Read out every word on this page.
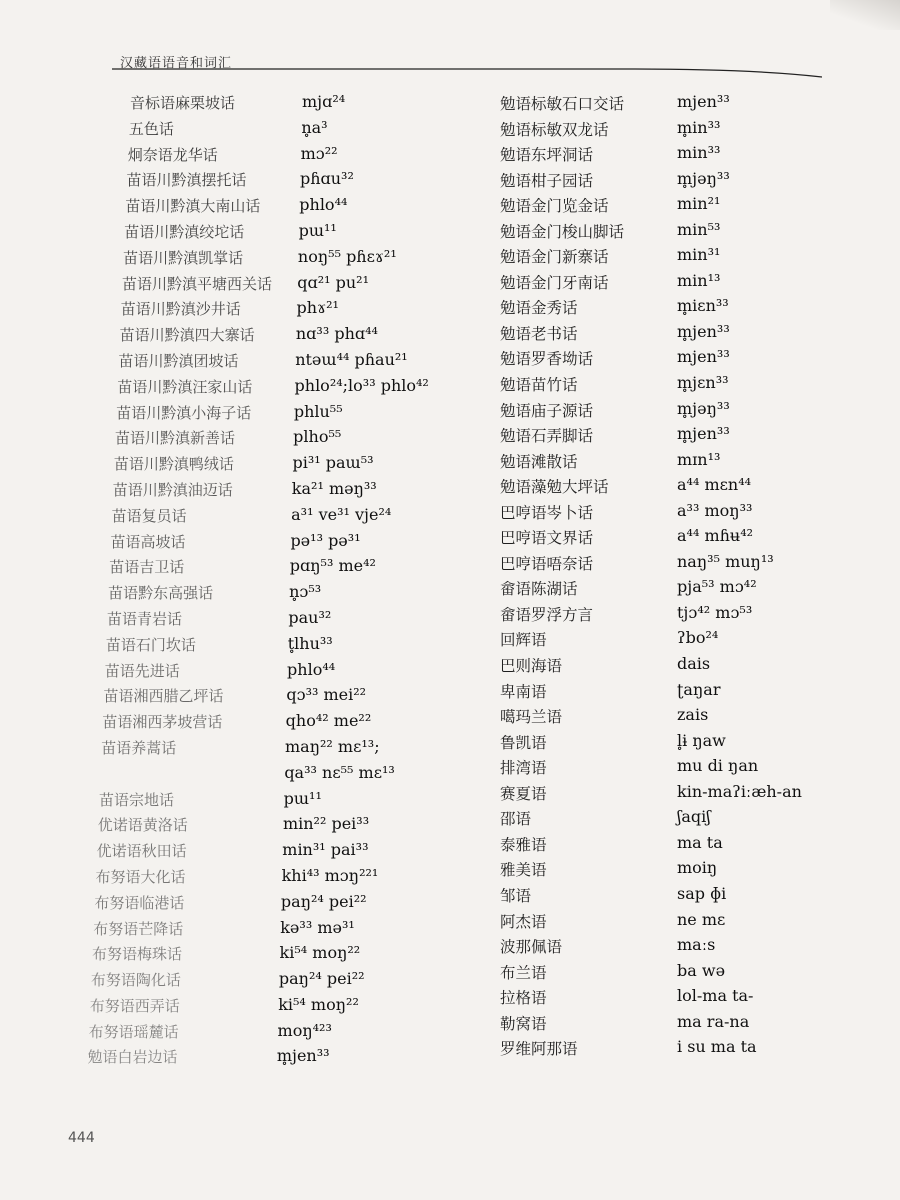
汉藏语语音和词汇
音标语麻栗坡话	mjɑ²⁴
五色话	n̥a³
炯奈语龙华话	mɔ²²
苗语川黔滇摆托话	pɦɑu³²
苗语川黔滇大南山话 phlo⁴⁴
苗语川黔滇绞坨话	pɯ¹¹
苗语川黔滇凯掌话	noŋ⁵⁵ pɦɛɤ²¹
苗语川黔滇平塘西关话 qɑ²¹ pu²¹
苗语川黔滇沙井话	phɤ²¹
苗语川黔滇四大寨话	nɑ³³ phɑ⁴⁴
苗语川黔滇团坡话	ntəɯ⁴⁴ pɦau²¹
苗语川黔滇汪家山话	phlo²⁴;lo³³ phlo⁴²
苗语川黔滇小海子话	phlu⁵⁵
苗语川黔滇新善话	plho⁵⁵
苗语川黔滇鸭绒话	pi³¹ paɯ⁵³
苗语川黔滇油迈话	ka²¹ məŋ³³
苗语复员话	a³¹ ve³¹ vje²⁴
苗语高坡话	pə¹³ pə³¹
苗语吉卫话	pɑŋ⁵³ me⁴²
苗语黔东高强话	n̥ɔ⁵³
苗语青岩话	pau³²
苗语石门坎话	t̥lhu³³
苗语先进话	phlo⁴⁴
苗语湘西腊乙坪话	qɔ³³ mei²²
苗语湘西茅坡营话	qho⁴² me²²
苗语养蒿话	maŋ²² mɛ¹³;
qa³³ nɛ⁵⁵ mɛ¹³
苗语宗地话	pɯ¹¹
优诺语黄洛话	min²² pei³³
优诺语秋田话	min³¹ pai³³
布努语大化话	khi⁴³ mɔŋ²²¹
布努语临港话	paŋ²⁴ pei²²
布努语芒降话	kə³³ mə³¹
布努语梅珠话	ki⁵⁴ moŋ²²
布努语陶化话	paŋ²⁴ pei²²
布努语西弄话	ki⁵⁴ moŋ²²
布努语瑶麓话	moŋ⁴²³
勉语白岩边话	m̥jen³³
勉语标敏石口交话	mjen³³
勉语标敏双龙话	m̥in³³
勉语东坪洞话	min³³
勉语柑子园话	m̥jəŋ³³
勉语金门览金话	min²¹
勉语金门梭山脚话	min⁵³
勉语金门新寨话	min³¹
勉语金门牙南话	min¹³
勉语金秀话	m̥iɛn³³
勉语老书话	m̥jen³³
勉语罗香坳话	mjen³³
勉语苗竹话	m̥jɛn³³
勉语庙子源话	m̥jəŋ³³
勉语石弄脚话	m̥jen³³
勉语滩散话	mɪn¹³
勉语藻勉大坪话	a⁴⁴ mɛn⁴⁴
巴哼语岑卜话	a³³ moŋ³³
巴哼语文界话	a⁴⁴ mɦʉ⁴²
巴哼语唔奈话	naŋ³⁵ muŋ¹³
畲语陈湖话	pja⁵³ mɔ⁴²
畲语罗浮方言	tjɔ⁴² mɔ⁵³
回辉语	ʔbo²⁴
巴则海语	dais
卑南语	ʈaŋar
噶玛兰语	zais
鲁凯语	l̥ɨ ŋaw
排湾语	mu di ŋan
赛夏语	kin-maʔiːæh-an
邵语	ʃaqiʃ
泰雅语	ma ta
雅美语	moiŋ
邹语	sap ɸi
阿杰语	ne mɛ
波那佩语	maːs
布兰语	ba wə
拉格语	lol-ma ta-
勒窝语	ma ra-na
罗维阿那语	i su ma ta
444
